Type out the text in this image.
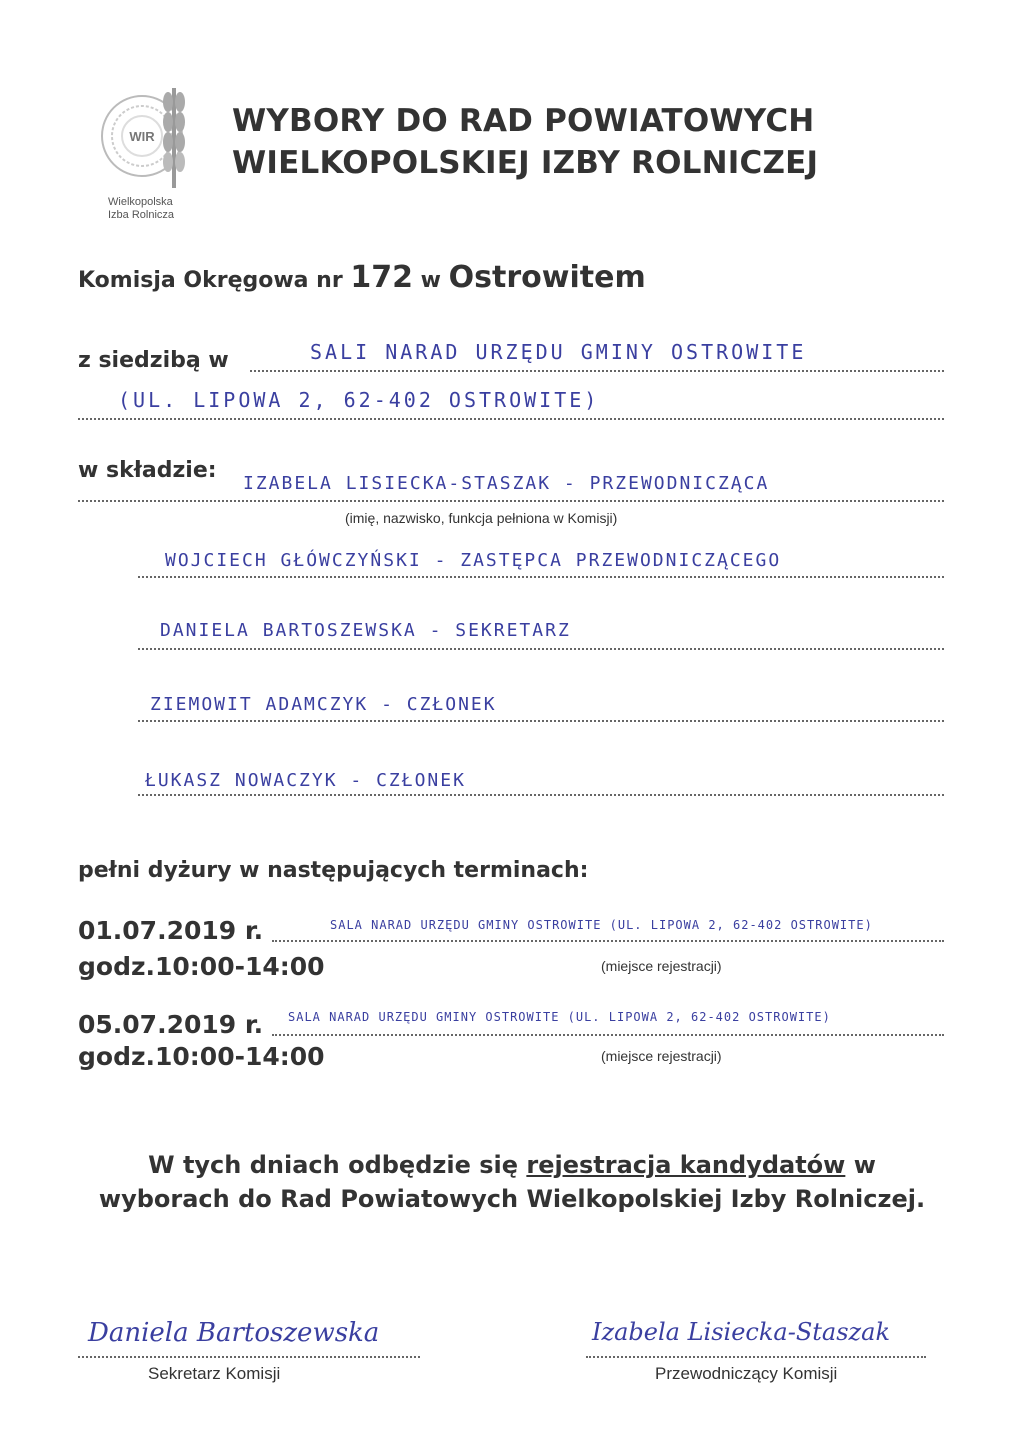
WIR
Wielkopolska
Izba Rolnicza
WYBORY DO RAD POWIATOWYCH
WIELKOPOLSKIEJ IZBY ROLNICZEJ
Komisja Okręgowa nr 172 w Ostrowitem
z siedzibą w	SALI NARAD URZĘDU GMINY OSTROWITE
(UL. LIPOWA 2, 62-402 OSTROWITE)
w składzie:
IZABELA LISIECKA-STASZAK - PRZEWODNICZĄCA
(imię, nazwisko, funkcja pełniona w Komisji)
WOJCIECH GŁÓWCZYŃSKI - ZASTĘPCA PRZEWODNICZĄCEGO
DANIELA BARTOSZEWSKA - SEKRETARZ
ZIEMOWIT ADAMCZYK - CZŁONEK
ŁUKASZ NOWACZYK - CZŁONEK
pełni dyżury w następujących terminach:
01.07.2019 r.	SALA NARAD URZĘDU GMINY OSTROWITE (UL. LIPOWA 2, 62-402 OSTROWITE)
godz.10:00-14:00	(miejsce rejestracji)
05.07.2019 r. SALA NARAD URZĘDU GMINY OSTROWITE (UL. LIPOWA 2, 62-402 OSTROWITE)
godz.10:00-14:00	(miejsce rejestracji)
W tych dniach odbędzie się rejestracja kandydatów w
wyborach do Rad Powiatowych Wielkopolskiej Izby Rolniczej.
Daniela Bartoszewska
Sekretarz Komisji
Izabela Lisiecka-Staszak
Przewodniczący Komisji
